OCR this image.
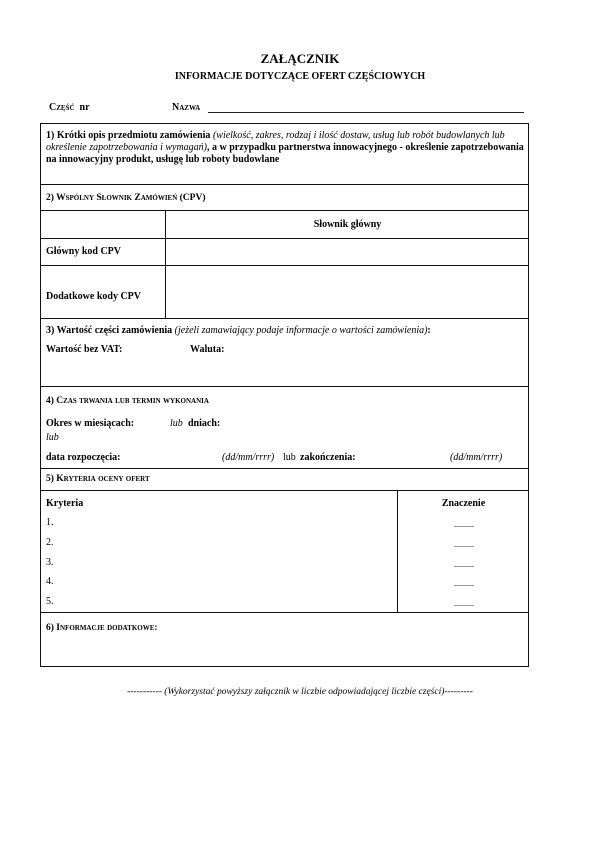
ZAŁĄCZNIK
INFORMACJE DOTYCZĄCE OFERT CZĘŚCIOWYCH
Część nr	Nazwa
1) Krótki opis przedmiotu zamówienia (wielkość, zakres, rodzaj i ilość dostaw, usług lub robót budowlanych lub określenie zapotrzebowania i wymagań), a w przypadku partnerstwa innowacyjnego - określenie zapotrzebowania na innowacyjny produkt, usługę lub roboty budowlane
2) Wspólny Słownik Zamówień (CPV)
Słownik główny
Główny kod CPV
Dodatkowe kody CPV
3) Wartość części zamówienia (jeżeli zamawiający podaje informacje o wartości zamówienia):
Wartość bez VAT:	Waluta:
4) Czas trwania lub termin wykonania
Okres w miesiącach:	lub dniach:
lub
data rozpoczęcia:	(dd/mm/rrrr) lub zakończenia:	(dd/mm/rrrr)
5) Kryteria oceny ofert
Kryteria	Znaczenie
1.
2.
3.
4.
5.
6) Informacje dodatkowe:
----------- (Wykorzystać powyższy załącznik w liczbie odpowiadającej liczbie części)---------
